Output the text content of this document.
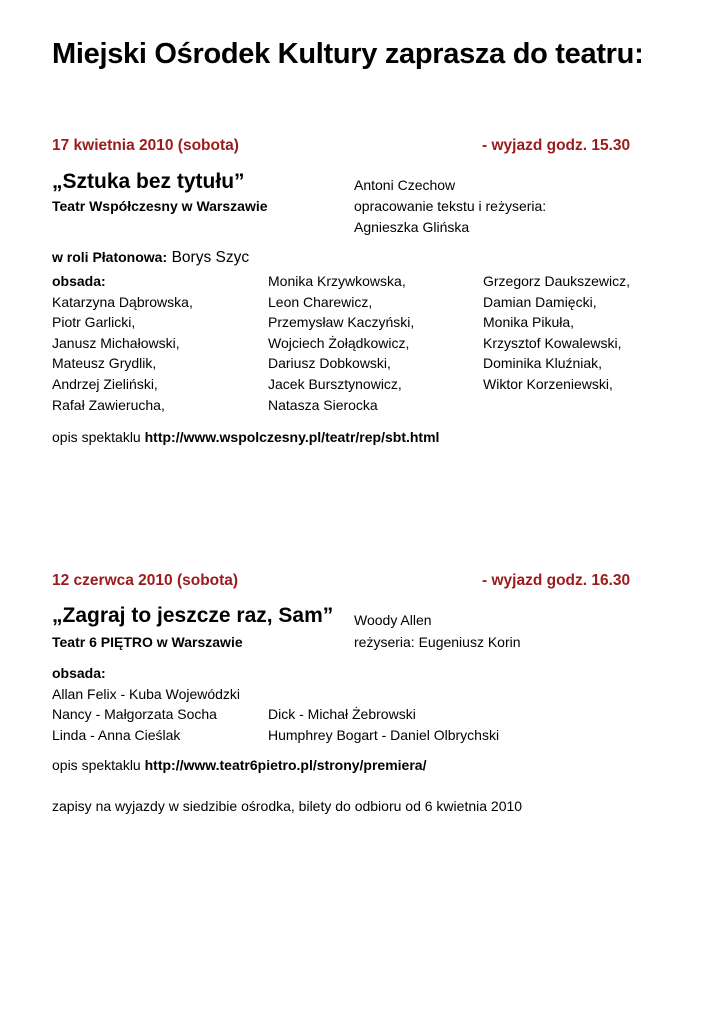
Miejski Ośrodek Kultury zaprasza do teatru:
17 kwietnia 2010 (sobota)	- wyjazd godz. 15.30
„Sztuka bez tytułu”	Antoni Czechow
Teatr Współczesny w Warszawie	opracowanie tekstu i reżyseria:
Agnieszka Glińska
w roli Płatonowa: Borys Szyc
obsada:
Katarzyna Dąbrowska,
Piotr Garlicki,
Janusz Michałowski,
Mateusz Grydlik,
Andrzej Zieliński,
Rafał Zawierucha,
Monika Krzywkowska,
Leon Charewicz,
Przemysław Kaczyński,
Wojciech Żołądkowicz,
Dariusz Dobkowski,
Jacek Bursztynowicz,
Natasza Sierocka
Grzegorz Daukszewicz,
Damian Damięcki,
Monika Pikuła,
Krzysztof Kowalewski,
Dominika Kluźniak,
Wiktor Korzeniewski,
opis spektaklu http://www.wspolczesny.pl/teatr/rep/sbt.html
12 czerwca 2010 (sobota)	- wyjazd godz. 16.30
„Zagraj to jeszcze raz, Sam” Woody Allen
Teatr 6 PIĘTRO w Warszawie	reżyseria: Eugeniusz Korin
obsada:
Allan Felix - Kuba Wojewódzki
Nancy - Małgorzata Socha
Linda - Anna Cieślak
Dick - Michał Żebrowski
Humphrey Bogart - Daniel Olbrychski
opis spektaklu http://www.teatr6pietro.pl/strony/premiera/
zapisy na wyjazdy w siedzibie ośrodka, bilety do odbioru od 6 kwietnia 2010
